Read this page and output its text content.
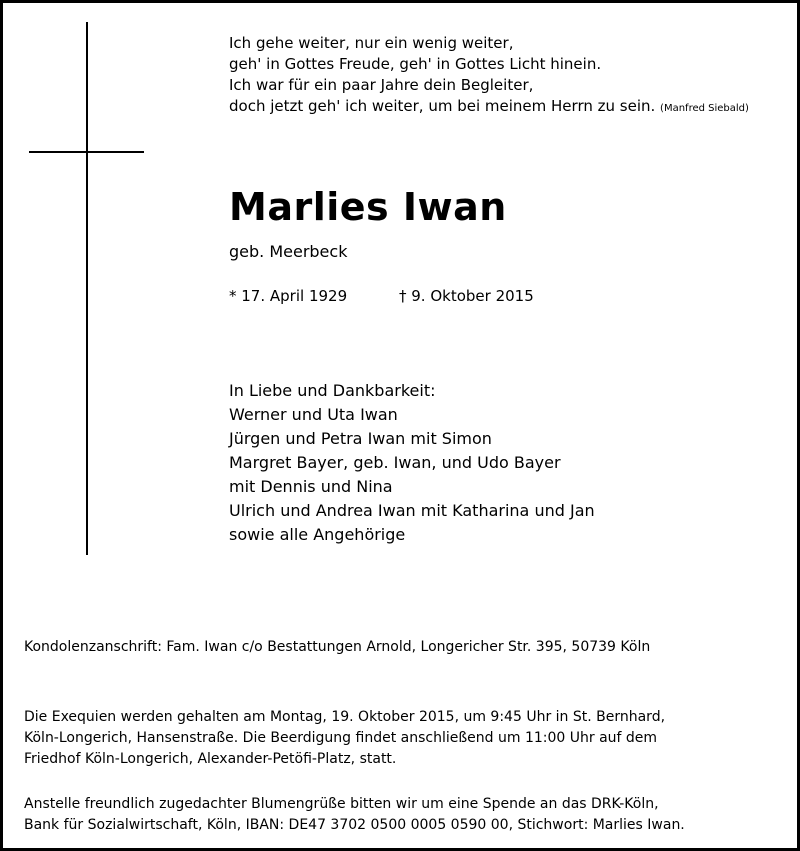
Ich gehe weiter, nur ein wenig weiter,
geh' in Gottes Freude, geh' in Gottes Licht hinein.
Ich war für ein paar Jahre dein Begleiter,
doch jetzt geh' ich weiter, um bei meinem Herrn zu sein. (Manfred Siebald)
Marlies Iwan
geb. Meerbeck
* 17. April 1929	† 9. Oktober 2015
In Liebe und Dankbarkeit:
Werner und Uta Iwan
Jürgen und Petra Iwan mit Simon
Margret Bayer, geb. Iwan, und Udo Bayer
mit Dennis und Nina
Ulrich und Andrea Iwan mit Katharina und Jan
sowie alle Angehörige
Kondolenzanschrift: Fam. Iwan c/o Bestattungen Arnold, Longericher Str. 395, 50739 Köln
Die Exequien werden gehalten am Montag, 19. Oktober 2015, um 9:45 Uhr in St. Bernhard,
Köln-Longerich, Hansenstraße. Die Beerdigung findet anschließend um 11:00 Uhr auf dem
Friedhof Köln-Longerich, Alexander-Petöfi-Platz, statt.
Anstelle freundlich zugedachter Blumengrüße bitten wir um eine Spende an das DRK-Köln,
Bank für Sozialwirtschaft, Köln, IBAN: DE47 3702 0500 0005 0590 00, Stichwort: Marlies Iwan.
